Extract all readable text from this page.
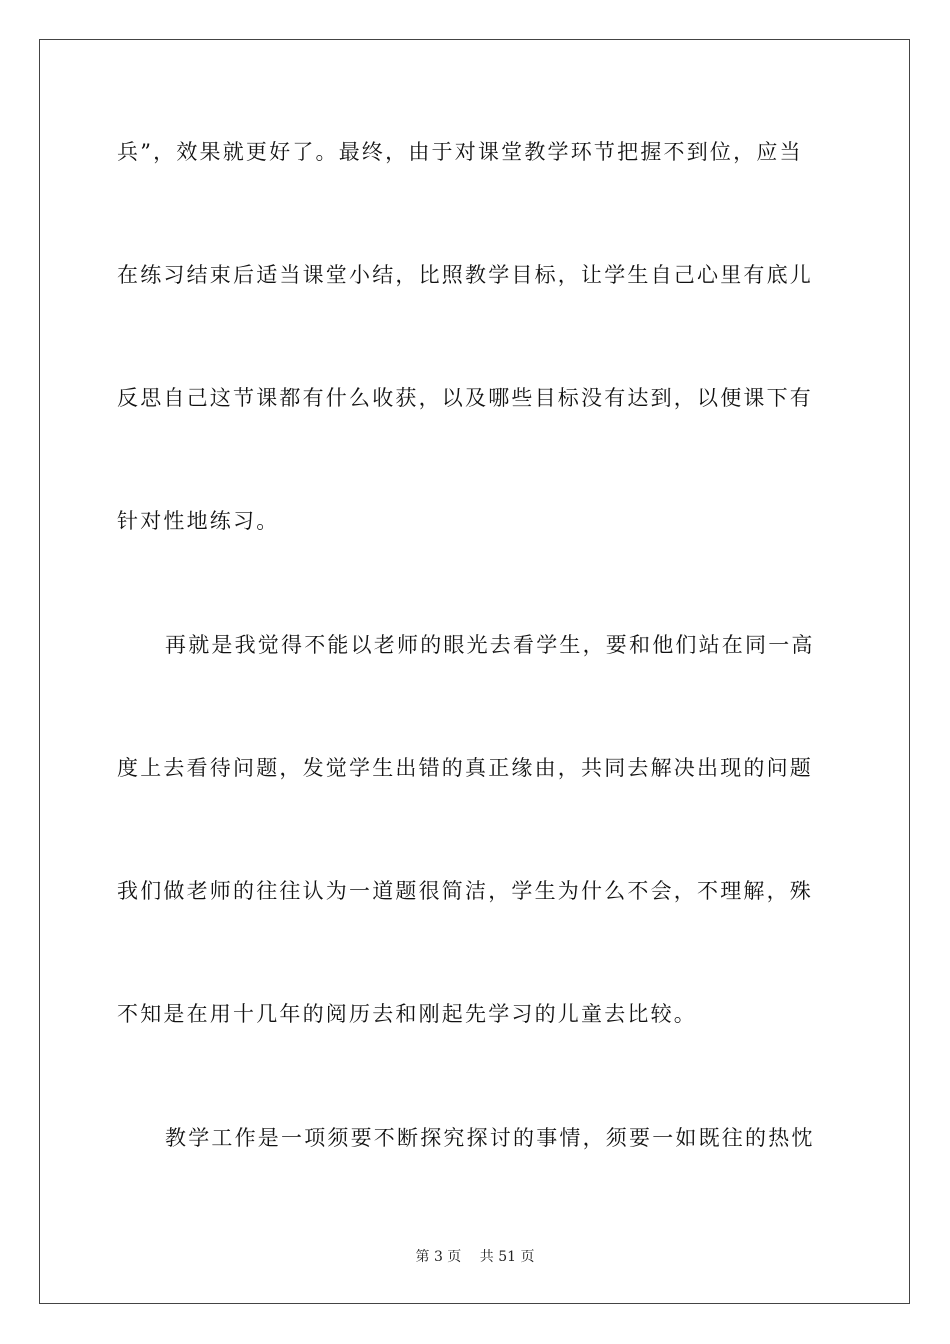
兵”，效果就更好了。最终，由于对课堂教学环节把握不到位，应当
在练习结束后适当课堂小结，比照教学目标，让学生自己心里有底儿
反思自己这节课都有什么收获，以及哪些目标没有达到，以便课下有
针对性地练习。
再就是我觉得不能以老师的眼光去看学生，要和他们站在同一高
度上去看待问题，发觉学生出错的真正缘由，共同去解决出现的问题
我们做老师的往往认为一道题很简洁，学生为什么不会，不理解，殊
不知是在用十几年的阅历去和刚起先学习的儿童去比较。
教学工作是一项须要不断探究探讨的事情，须要一如既往的热忱
第 3 页　 共 51 页
